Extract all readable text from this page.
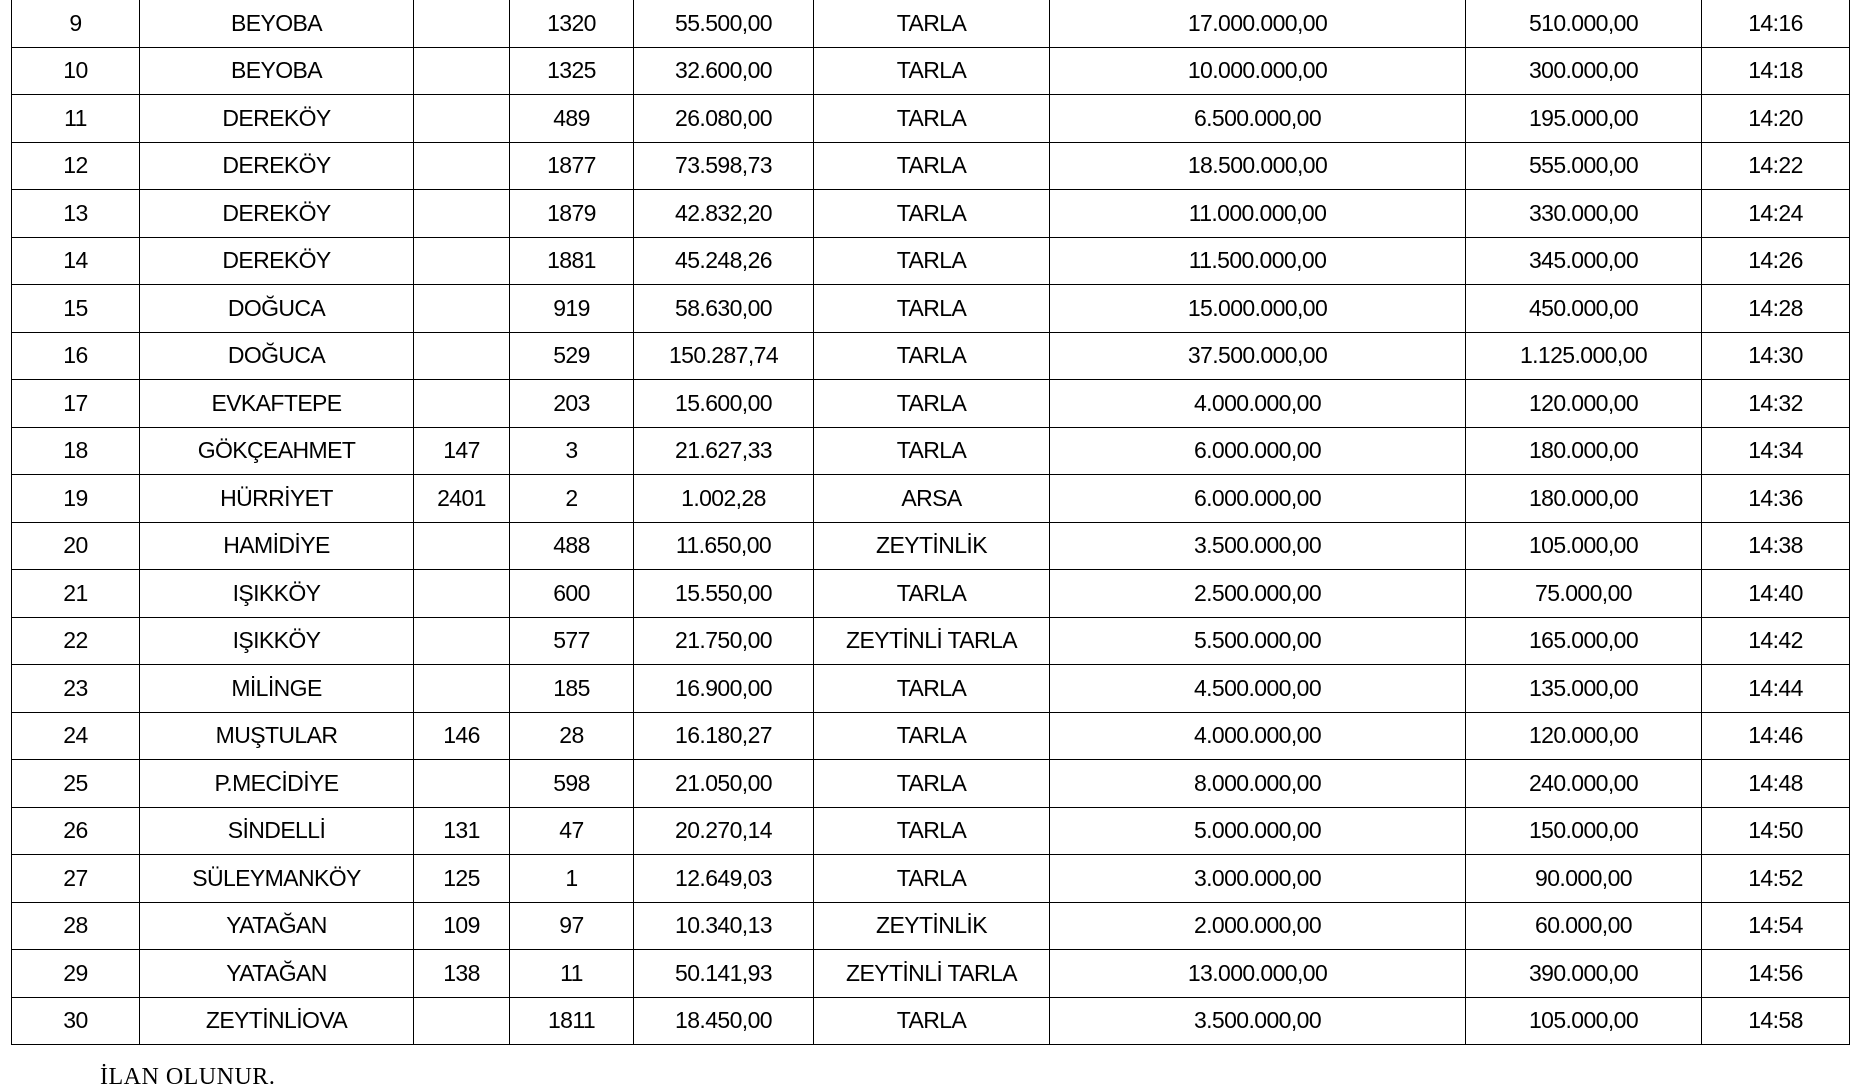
9	BEYOBA		1320	55.500,00	TARLA	17.000.000,00	510.000,00	14:16
10	BEYOBA		1325	32.600,00	TARLA	10.000.000,00	300.000,00	14:18
11	DEREKÖY		489	26.080,00	TARLA	6.500.000,00	195.000,00	14:20
12	DEREKÖY		1877	73.598,73	TARLA	18.500.000,00	555.000,00	14:22
13	DEREKÖY		1879	42.832,20	TARLA	11.000.000,00	330.000,00	14:24
14	DEREKÖY		1881	45.248,26	TARLA	11.500.000,00	345.000,00	14:26
15	DOĞUCA		919	58.630,00	TARLA	15.000.000,00	450.000,00	14:28
16	DOĞUCA		529	150.287,74	TARLA	37.500.000,00	1.125.000,00	14:30
17	EVKAFTEPE		203	15.600,00	TARLA	4.000.000,00	120.000,00	14:32
18	GÖKÇEAHMET	147	3	21.627,33	TARLA	6.000.000,00	180.000,00	14:34
19	HÜRRİYET	2401	2	1.002,28	ARSA	6.000.000,00	180.000,00	14:36
20	HAMİDİYE		488	11.650,00	ZEYTİNLİK	3.500.000,00	105.000,00	14:38
21	IŞIKKÖY		600	15.550,00	TARLA	2.500.000,00	75.000,00	14:40
22	IŞIKKÖY		577	21.750,00	ZEYTİNLİ TARLA	5.500.000,00	165.000,00	14:42
23	MİLİNGE		185	16.900,00	TARLA	4.500.000,00	135.000,00	14:44
24	MUŞTULAR	146	28	16.180,27	TARLA	4.000.000,00	120.000,00	14:46
25	P.MECİDİYE		598	21.050,00	TARLA	8.000.000,00	240.000,00	14:48
26	SİNDELLİ	131	47	20.270,14	TARLA	5.000.000,00	150.000,00	14:50
27	SÜLEYMANKÖY	125	1	12.649,03	TARLA	3.000.000,00	90.000,00	14:52
28	YATAĞAN	109	97	10.340,13	ZEYTİNLİK	2.000.000,00	60.000,00	14:54
29	YATAĞAN	138	11	50.141,93	ZEYTİNLİ TARLA	13.000.000,00	390.000,00	14:56
30	ZEYTİNLİOVA		1811	18.450,00	TARLA	3.500.000,00	105.000,00	14:58
İLAN OLUNUR.
